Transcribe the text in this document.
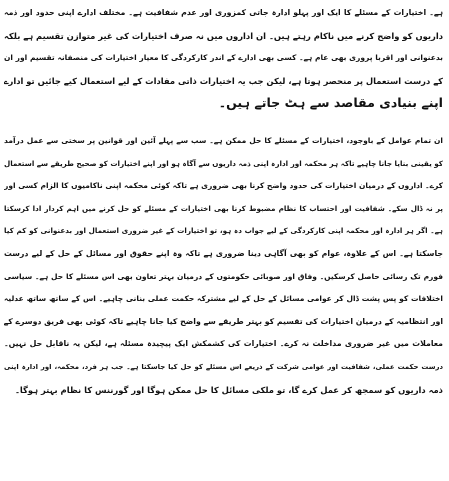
ہے۔ اختیارات کے مسئلے کا ایک اور پہلو ادارہ جاتی کمزوری اور عدم شفافیت ہے۔ مختلف ادارے اپنی حدود اور ذمہ
داریوں کو واضح کرنے میں ناکام رہتے ہیں۔ ان اداروں میں نہ صرف اختیارات کی غیر متوازن تقسیم ہے بلکہ
بدعنوانی اور اقربا پروری بھی عام ہے۔ کسی بھی ادارے کے اندر کارکردگی کا معیار اختیارات کی منصفانہ تقسیم اور ان
کے درست استعمال پر منحصر ہوتا ہے، لیکن جب یہ اختیارات ذاتی مفادات کے لیے استعمال کیے جائیں تو ادارے
اپنے بنیادی مقاصد سے ہٹ جاتے ہیں۔
ان تمام عوامل کے باوجود، اختیارات کے مسئلے کا حل ممکن ہے۔ سب سے پہلے آئین اور قوانین پر سختی سے عمل درآمد
کو یقینی بنایا جانا چاہیے تاکہ ہر محکمہ اور ادارہ اپنی ذمہ داریوں سے آگاہ ہو اور اپنے اختیارات کو صحیح طریقے سے استعمال
کرے۔ اداروں کے درمیان اختیارات کی حدود واضح کرنا بھی ضروری ہے تاکہ کوئی محکمہ اپنی ناکامیوں کا الزام کسی اور
پر نہ ڈال سکے۔ شفافیت اور احتساب کا نظام مضبوط کرنا بھی اختیارات کے مسئلے کو حل کرنے میں اہم کردار ادا کرسکتا
ہے۔ اگر ہر ادارہ اور محکمہ اپنی کارکردگی کے لیے جواب دہ ہو، تو اختیارات کے غیر ضروری استعمال اور بدعنوانی کو کم کیا
جاسکتا ہے۔ اس کے علاوہ، عوام کو بھی آگاہی دینا ضروری ہے تاکہ وہ اپنے حقوق اور مسائل کے حل کے لیے درست
فورم تک رسائی حاصل کرسکیں۔ وفاق اور صوبائی حکومتوں کے درمیان بہتر تعاون بھی اس مسئلے کا حل ہے۔ سیاسی
اختلافات کو پس پشت ڈال کر عوامی مسائل کے حل کے لیے مشترکہ حکمت عملی بنانی چاہیے۔ اس کے ساتھ ساتھ عدلیہ
اور انتظامیہ کے درمیان اختیارات کی تقسیم کو بہتر طریقے سے واضح کیا جانا چاہیے تاکہ کوئی بھی فریق دوسرے کے
معاملات میں غیر ضروری مداخلت نہ کرے۔ اختیارات کی کشمکش ایک پیچیدہ مسئلہ ہے، لیکن یہ ناقابل حل نہیں۔
درست حکمت عملی، شفافیت اور عوامی شرکت کے ذریعے اس مسئلے کو حل کیا جاسکتا ہے۔ جب ہر فرد، محکمہ، اور ادارہ اپنی
ذمہ داریوں کو سمجھ کر عمل کرے گا، تو ملکی مسائل کا حل ممکن ہوگا اور گورننس کا نظام بہتر ہوگا۔
